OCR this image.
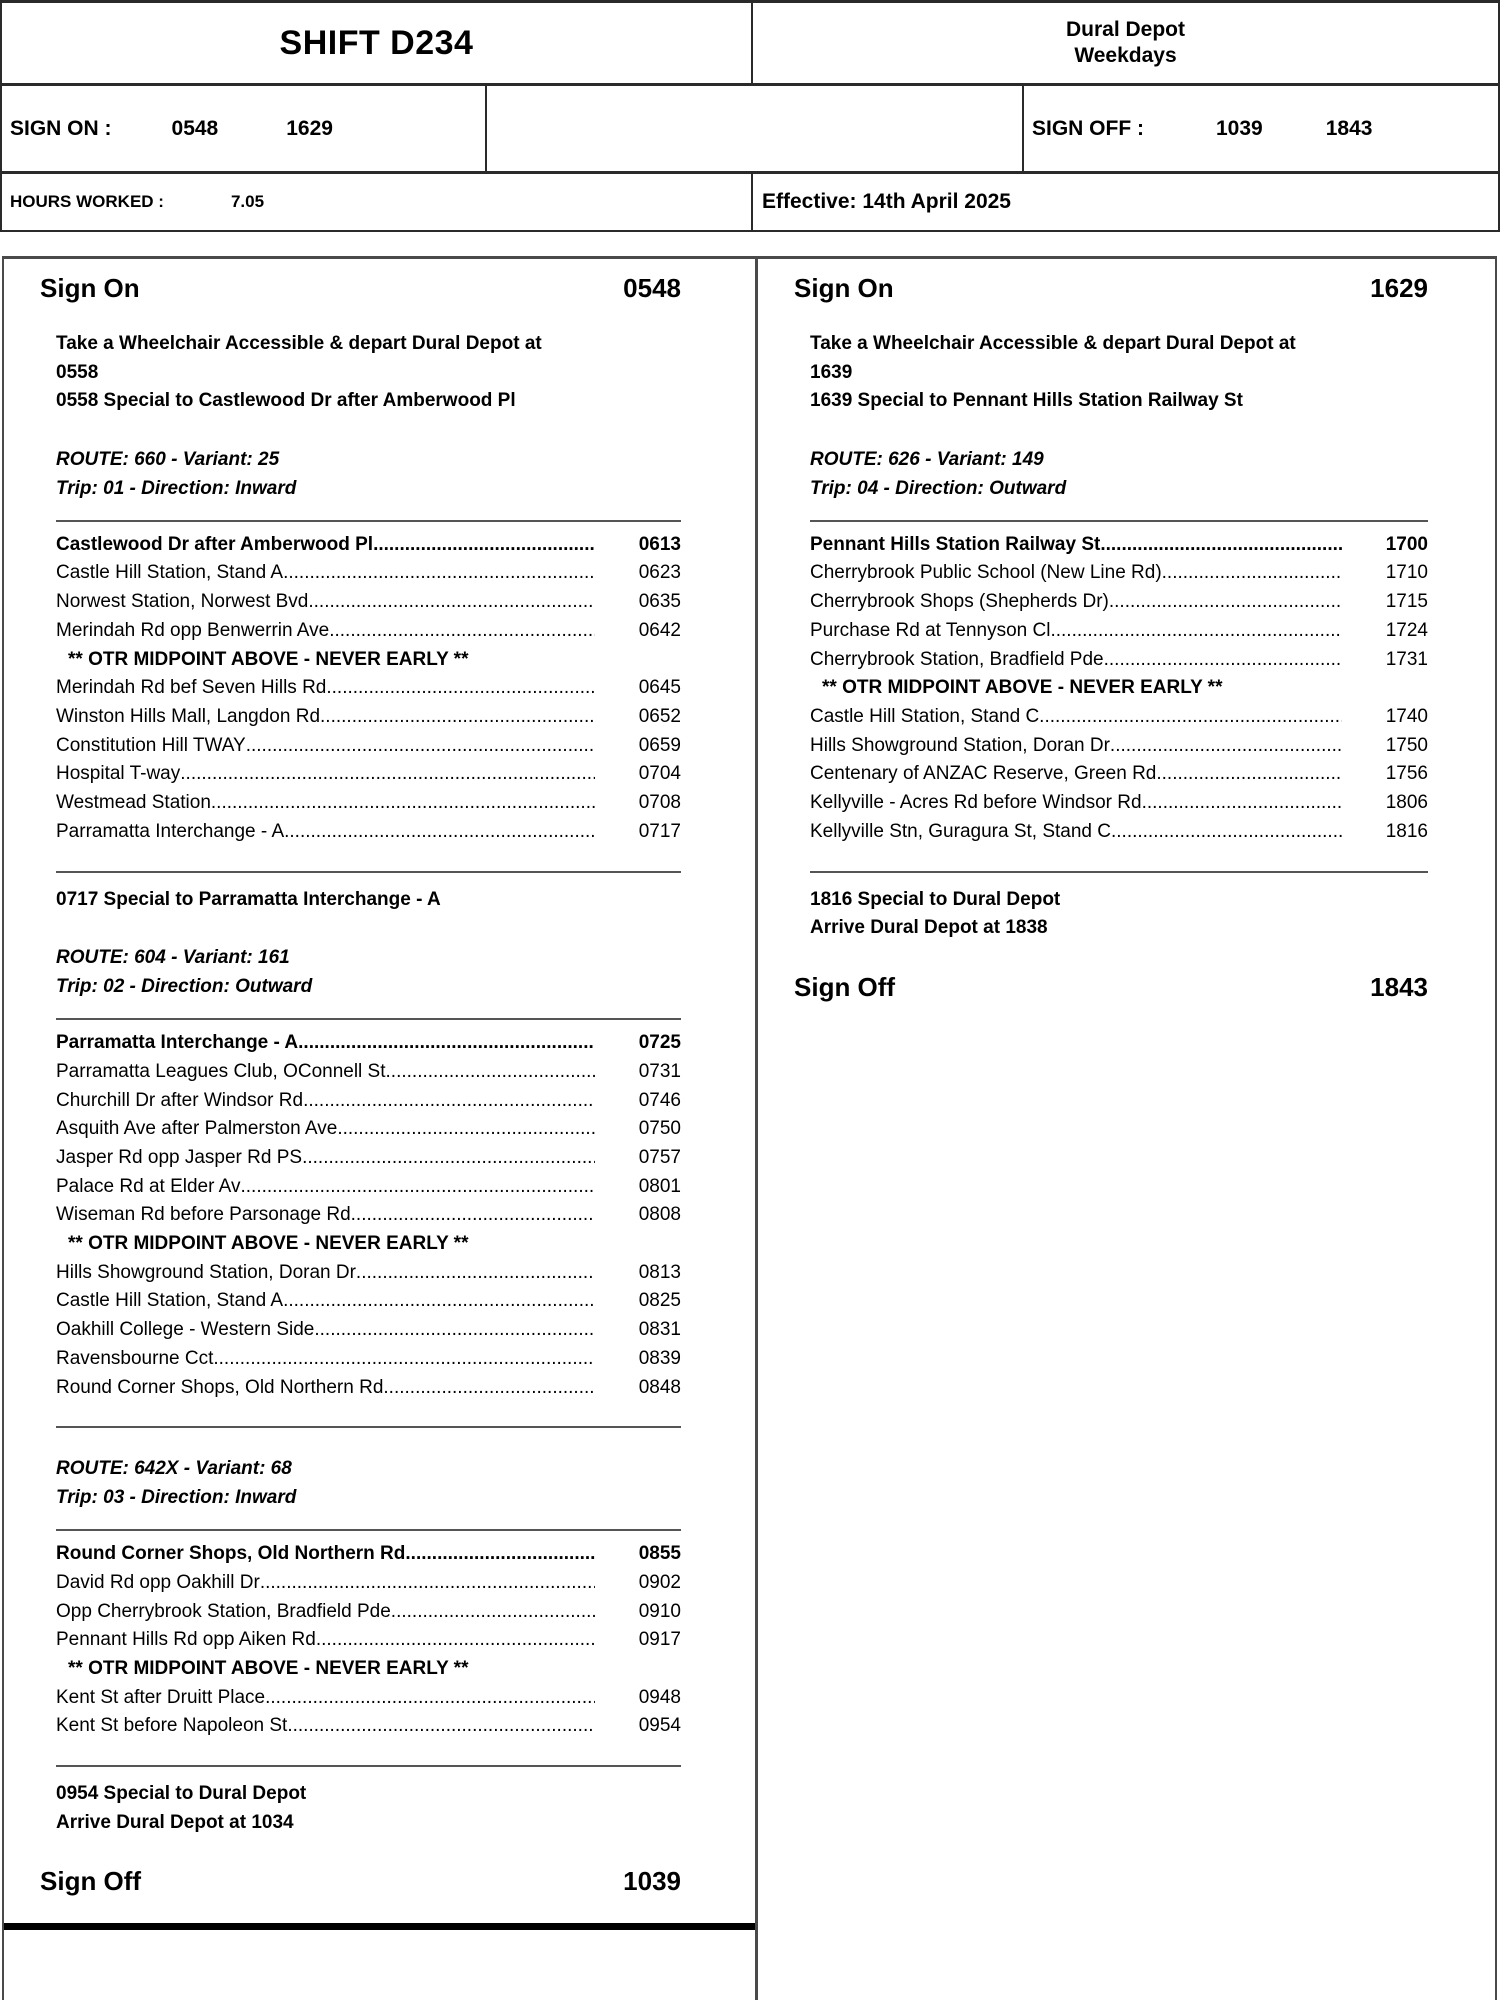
SHIFT D234	Dural Depot
Weekdays
SIGN ON :	0548	1629	SIGN OFF :	1039	1843
HOURS WORKED :	7.05	Effective: 14th April 2025
Sign On	0548
Take a Wheelchair Accessible & depart Dural Depot at
0558
0558 Special to Castlewood Dr after Amberwood Pl
ROUTE: 660 - Variant: 25
Trip: 01 - Direction: Inward
Castlewood Dr after Amberwood Pl .....	0613
Castle Hill Station, Stand A .....	0623
Norwest Station, Norwest Bvd .....	0635
Merindah Rd opp Benwerrin Ave .....	0642
** OTR MIDPOINT ABOVE - NEVER EARLY **
Merindah Rd bef Seven Hills Rd .....	0645
Winston Hills Mall, Langdon Rd .....	0652
Constitution Hill TWAY .....	0659
Hospital T-way .....	0704
Westmead Station .....	0708
Parramatta Interchange - A .....	0717
0717 Special to Parramatta Interchange - A
ROUTE: 604 - Variant: 161
Trip: 02 - Direction: Outward
Parramatta Interchange - A .....	0725
Parramatta Leagues Club, OConnell St .....	0731
Churchill Dr after Windsor Rd .....	0746
Asquith Ave after Palmerston Ave .....	0750
Jasper Rd opp Jasper Rd PS .....	0757
Palace Rd at Elder Av .....	0801
Wiseman Rd before Parsonage Rd .....	0808
** OTR MIDPOINT ABOVE - NEVER EARLY **
Hills Showground Station, Doran Dr .....	0813
Castle Hill Station, Stand A .....	0825
Oakhill College - Western Side .....	0831
Ravensbourne Cct .....	0839
Round Corner Shops, Old Northern Rd .....	0848
ROUTE: 642X - Variant: 68
Trip: 03 - Direction: Inward
Round Corner Shops, Old Northern Rd .....	0855
David Rd opp Oakhill Dr .....	0902
Opp Cherrybrook Station, Bradfield Pde .....	0910
Pennant Hills Rd opp Aiken Rd .....	0917
** OTR MIDPOINT ABOVE - NEVER EARLY **
Kent St after Druitt Place .....	0948
Kent St before Napoleon St .....	0954
0954 Special to Dural Depot
Arrive Dural Depot at 1034
Sign Off	1039
Sign On	1629
Take a Wheelchair Accessible & depart Dural Depot at
1639
1639 Special to Pennant Hills Station Railway St
ROUTE: 626 - Variant: 149
Trip: 04 - Direction: Outward
Pennant Hills Station Railway St .....	1700
Cherrybrook Public School (New Line Rd) .....	1710
Cherrybrook Shops (Shepherds Dr) .....	1715
Purchase Rd at Tennyson Cl .....	1724
Cherrybrook Station, Bradfield Pde .....	1731
** OTR MIDPOINT ABOVE - NEVER EARLY **
Castle Hill Station, Stand C .....	1740
Hills Showground Station, Doran Dr .....	1750
Centenary of ANZAC Reserve, Green Rd .....	1756
Kellyville - Acres Rd before Windsor Rd .....	1806
Kellyville Stn, Guragura St, Stand C .....	1816
1816 Special to Dural Depot
Arrive Dural Depot at 1838
Sign Off	1843
